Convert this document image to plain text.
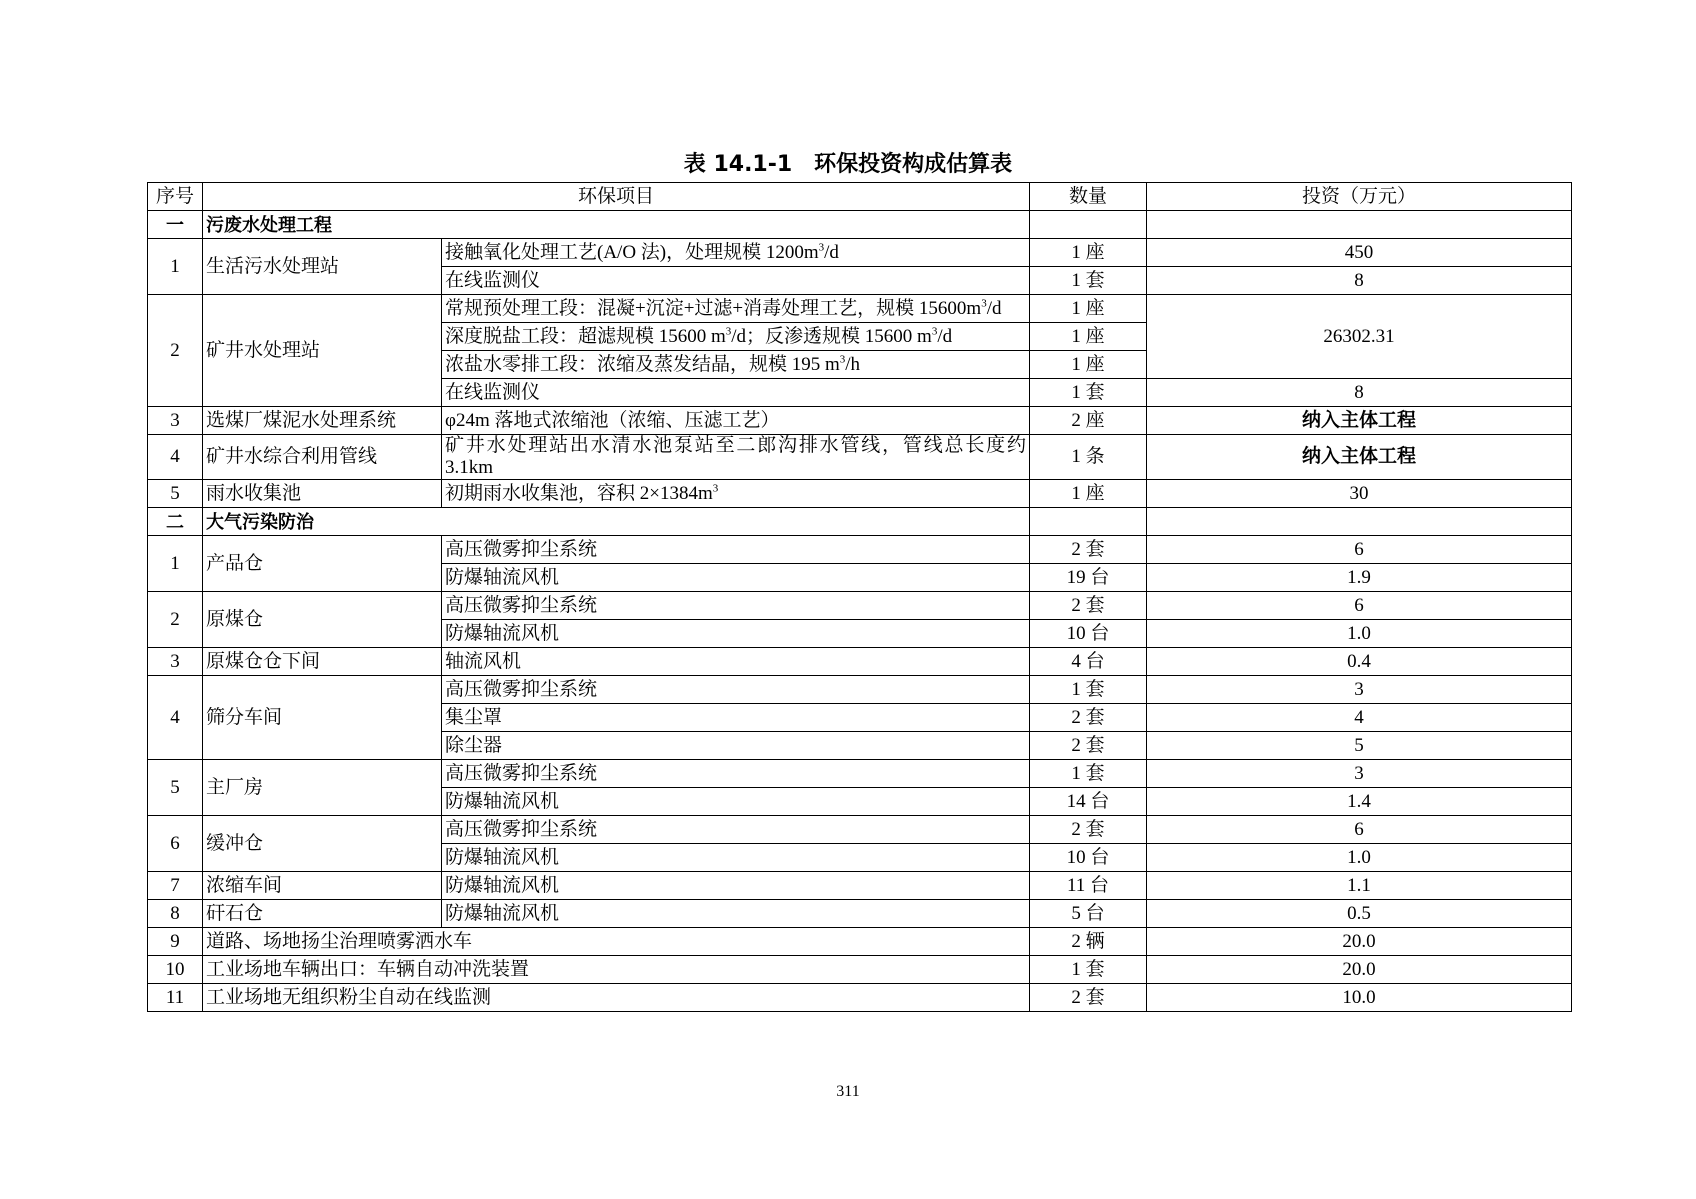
表 14.1-1　环保投资构成估算表
序号	环保项目		数量	投资（万元）
一	污废水处理工程			
1	生活污水处理站	接触氧化处理工艺(A/O 法)，处理规模 $1200m^3/d$	1 座	450
		在线监测仪	1 套	8
2	矿井水处理站	常规预处理工段：混凝+沉淀+过滤+消毒处理工艺，规模 $15600m^3/d$	1 座	26302.31
		深度脱盐工段：超滤规模 15600 $m^3/d$；反渗透规模 15600 $m^3/d$	1 座	
		浓盐水零排工段：浓缩及蒸发结晶，规模 195 $m^3/h$	1 座	
		在线监测仪	1 套	8
3	选煤厂煤泥水处理系统	φ24m 落地式浓缩池（浓缩、压滤工艺）	2 座	纳入主体工程
4	矿井水综合利用管线	矿井水处理站出水清水池泵站至二郎沟排水管线，管线总长度约 3.1km	1 条	纳入主体工程
5	雨水收集池	初期雨水收集池，容积 $2\times 1384m^3$	1 座	30
二	大气污染防治			
1	产品仓	高压微雾抑尘系统	2 套	6
		防爆轴流风机	19 台	1.9
2	原煤仓	高压微雾抑尘系统	2 套	6
		防爆轴流风机	10 台	1.0
3	原煤仓仓下间	轴流风机	4 台	0.4
4	筛分车间	高压微雾抑尘系统	1 套	3
		集尘罩	2 套	4
		除尘器	2 套	5
5	主厂房	高压微雾抑尘系统	1 套	3
		防爆轴流风机	14 台	1.4
6	缓冲仓	高压微雾抑尘系统	2 套	6
		防爆轴流风机	10 台	1.0
7	浓缩车间	防爆轴流风机	11 台	1.1
8	矸石仓	防爆轴流风机	5 台	0.5
9	道路、场地扬尘治理喷雾洒水车		2 辆	20.0
10	工业场地车辆出口：车辆自动冲洗装置		1 套	20.0
11	工业场地无组织粉尘自动在线监测		2 套	10.0
311
